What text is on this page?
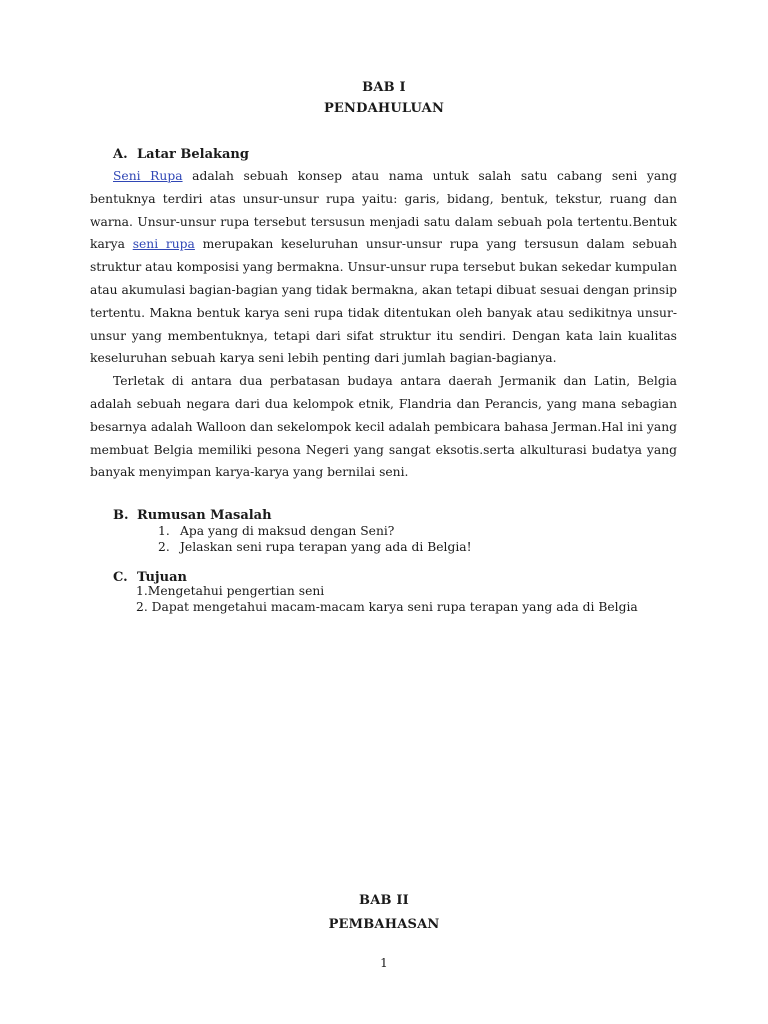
BAB I
PENDAHULUAN
A. Latar Belakang

Seni Rupa adalah sebuah konsep atau nama untuk salah satu cabang seni yang bentuknya terdiri atas unsur-unsur rupa yaitu: garis, bidang, bentuk, tekstur, ruang dan warna. Unsur-unsur rupa tersebut tersusun menjadi satu dalam sebuah pola tertentu.Bentuk karya seni rupa merupakan keseluruhan unsur-unsur rupa yang tersusun dalam sebuah struktur atau komposisi yang bermakna. Unsur-unsur rupa tersebut bukan sekedar kumpulan atau akumulasi bagian-bagian yang tidak bermakna, akan tetapi dibuat sesuai dengan prinsip tertentu. Makna bentuk karya seni rupa tidak ditentukan oleh banyak atau sedikitnya unsur-unsur yang membentuknya, tetapi dari sifat struktur itu sendiri. Dengan kata lain kualitas keseluruhan sebuah karya seni lebih penting dari jumlah bagian-bagianya.

Terletak di antara dua perbatasan budaya antara daerah Jermanik dan Latin, Belgia adalah sebuah negara dari dua kelompok etnik, Flandria dan Perancis, yang mana sebagian besarnya adalah Walloon dan sekelompok kecil adalah pembicara bahasa Jerman.Hal ini yang membuat Belgia memiliki pesona Negeri yang sangat eksotis.serta alkulturasi budatya yang banyak menyimpan karya-karya yang bernilai seni.

B. Rumusan Masalah
1. Apa yang di maksud dengan Seni?
2. Jelaskan seni rupa terapan yang ada di Belgia!
C. Tujuan
1.Mengetahui pengertian seni
2. Dapat mengetahui macam-macam karya seni rupa terapan yang ada di Belgia
BAB II
PEMBAHASAN
1
